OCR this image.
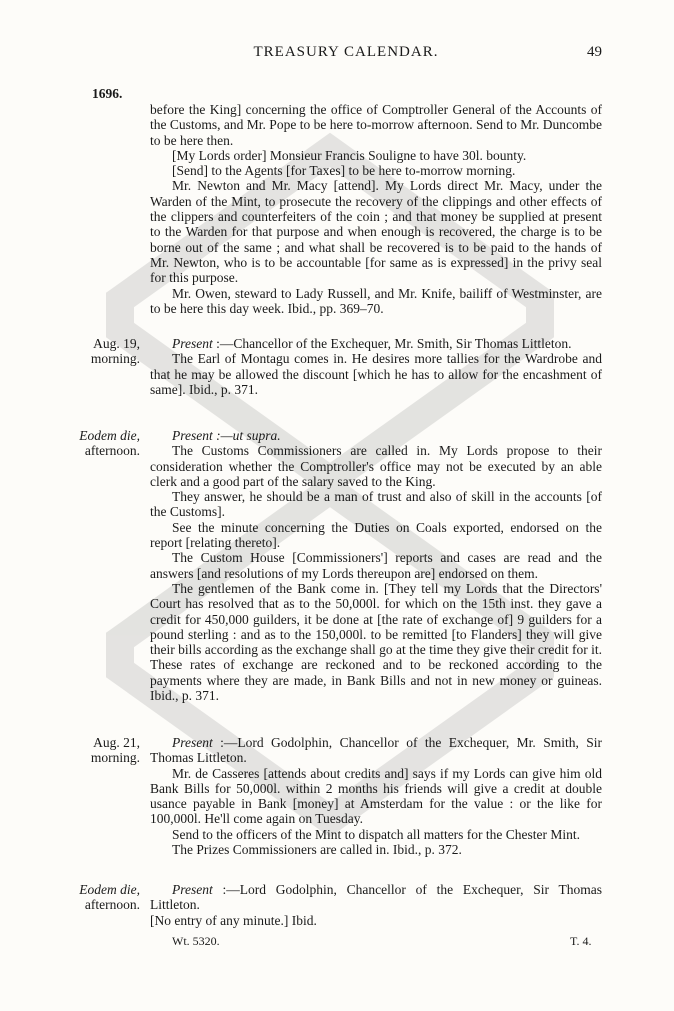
TREASURY CALENDAR.	49
1696.

before the King] concerning the office of Comptroller General of the Accounts of the Customs, and Mr. Pope to be here to-morrow afternoon. Send to Mr. Duncombe to be here then.

[My Lords order] Monsieur Francis Souligne to have 30l. bounty.

[Send] to the Agents [for Taxes] to be here to-morrow morning.

Mr. Newton and Mr. Macy [attend]. My Lords direct Mr. Macy, under the Warden of the Mint, to prosecute the recovery of the clippings and other effects of the clippers and counterfeiters of the coin ; and that money be supplied at present to the Warden for that purpose and when enough is recovered, the charge is to be borne out of the same ; and what shall be recovered is to be paid to the hands of Mr. Newton, who is to be accountable [for same as is expressed] in the privy seal for this purpose.

Mr. Owen, steward to Lady Russell, and Mr. Knife, bailiff of Westminster, are to be here this day week. Ibid., pp. 369–70.

Aug. 19,
morning.

Present :—Chancellor of the Exchequer, Mr. Smith, Sir Thomas Littleton.

The Earl of Montagu comes in. He desires more tallies for the Wardrobe and that he may be allowed the discount [which he has to allow for the encashment of same]. Ibid., p. 371.

Eodem die,
afternoon.

Present :—ut supra.

The Customs Commissioners are called in. My Lords propose to their consideration whether the Comptroller's office may not be executed by an able clerk and a good part of the salary saved to the King.

They answer, he should be a man of trust and also of skill in the accounts [of the Customs].

See the minute concerning the Duties on Coals exported, endorsed on the report [relating thereto].

The Custom House [Commissioners'] reports and cases are read and the answers [and resolutions of my Lords thereupon are] endorsed on them.

The gentlemen of the Bank come in. [They tell my Lords that the Directors' Court has resolved that as to the 50,000l. for which on the 15th inst. they gave a credit for 450,000 guilders, it be done at [the rate of exchange of] 9 guilders for a pound sterling : and as to the 150,000l. to be remitted [to Flanders] they will give their bills according as the exchange shall go at the time they give their credit for it. These rates of exchange are reckoned and to be reckoned according to the payments where they are made, in Bank Bills and not in new money or guineas. Ibid., p. 371.

Aug. 21,
morning.

Present :—Lord Godolphin, Chancellor of the Exchequer, Mr. Smith, Sir Thomas Littleton.

Mr. de Casseres [attends about credits and] says if my Lords can give him old Bank Bills for 50,000l. within 2 months his friends will give a credit at double usance payable in Bank [money] at Amsterdam for the value : or the like for 100,000l. He'll come again on Tuesday.

Send to the officers of the Mint to dispatch all matters for the Chester Mint.

The Prizes Commissioners are called in. Ibid., p. 372.

Eodem die,
afternoon.

Present :—Lord Godolphin, Chancellor of the Exchequer, Sir Thomas Littleton.

[No entry of any minute.] Ibid.

Wt. 5320.	T. 4.
